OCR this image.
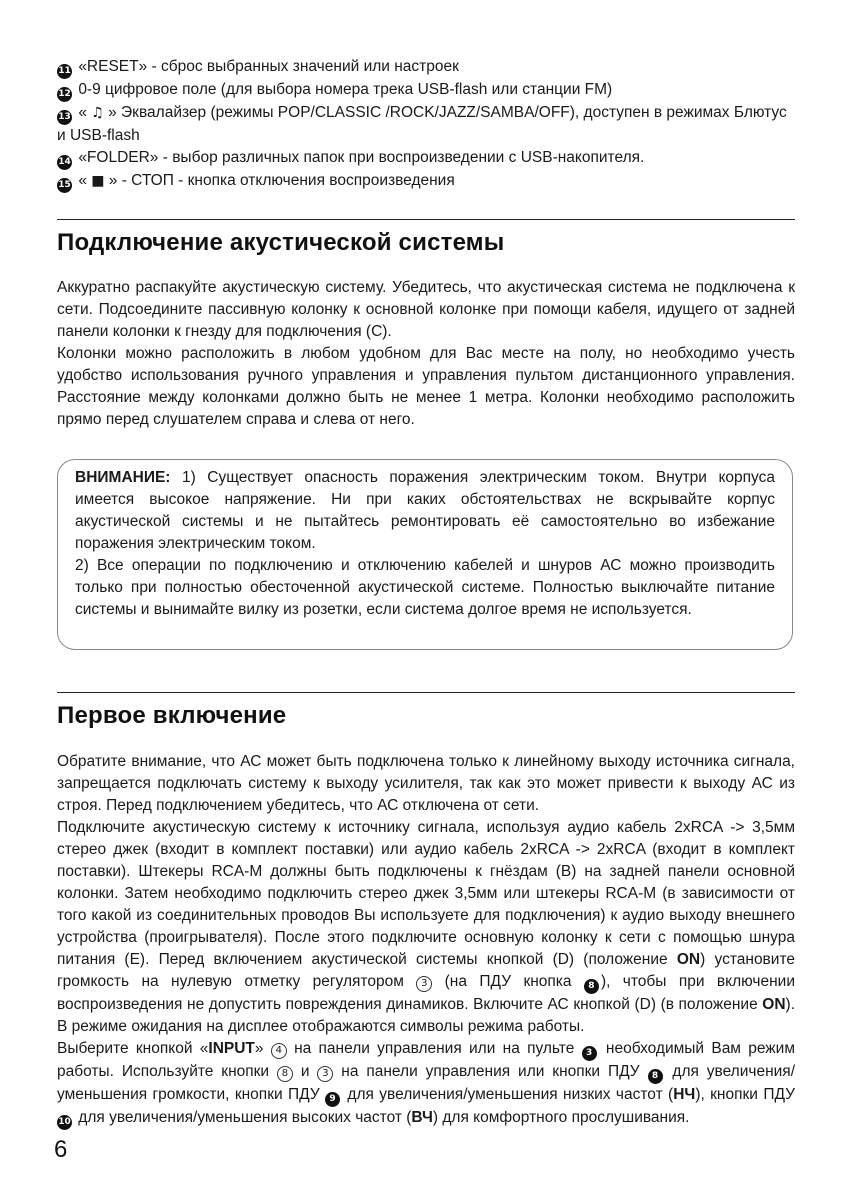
11 «RESET» - сброс выбранных значений или настроек
12 0-9 цифровое поле (для выбора номера трека USB-flash или станции FM)
13 « ♫ » Эквалайзер (режимы POP/CLASSIC /ROCK/JAZZ/SAMBA/OFF), доступен в режимах Блютус и USB-flash
14 «FOLDER» - выбор различных папок при воспроизведении с USB-накопителя.
15 « ■ » - СТОП - кнопка отключения воспроизведения
Подключение акустической системы

Аккуратно распакуйте акустическую систему. Убедитесь, что акустическая система не подключена к сети. Подсоедините пассивную колонку к основной колонке при помощи кабеля, идущего от задней панели колонки к гнезду для подключения (С).

Колонки можно расположить в любом удобном для Вас месте на полу, но необходимо учесть удобство использования ручного управления и управления пультом дистанционного управления. Расстояние между колонками должно быть не менее 1 метра. Колонки необходимо расположить прямо перед слушателем справа и слева от него.

ВНИМАНИЕ: 1) Существует опасность поражения электрическим током. Внутри корпуса имеется высокое напряжение. Ни при каких обстоятельствах не вскрывайте корпус акустической системы и не пытайтесь ремонтировать её самостоятельно во избежание поражения электрическим током.

2) Все операции по подключению и отключению кабелей и шнуров АС можно производить только при полностью обесточенной акустической системе. Полностью выключайте питание системы и вынимайте вилку из розетки, если система долгое время не используется.

Первое включение

Обратите внимание, что АС может быть подключена только к линейному выходу источника сигнала, запрещается подключать систему к выходу усилителя, так как это может привести к выходу АС из строя. Перед подключением убедитесь, что АС отключена от сети.

Подключите акустическую систему к источнику сигнала, используя аудио кабель 2хRCA -> 3,5мм стерео джек (входит в комплект поставки) или аудио кабель 2хRCA -> 2хRCA (входит в комплект поставки). Штекеры RCA-M должны быть подключены к гнёздам (В) на задней панели основной колонки. Затем необходимо подключить стерео джек 3,5мм или штекеры RCA-M (в зависимости от того какой из соединительных проводов Вы используете для подключения) к аудио выходу внешнего устройства (проигрывателя). После этого подключите основную колонку к сети с помощью шнура питания (E). Перед включением акустической системы кнопкой (D) (положение ON) установите громкость на нулевую отметку регулятором 3 (на ПДУ кнопка 8 ), чтобы при включении воспроизведения не допустить повреждения динамиков. Включите АС кнопкой (D) (в положение ON). В режиме ожидания на дисплее отображаются символы режима работы.

Выберите кнопкой «INPUT» 4 на панели управления или на пульте 3 необходимый Вам режим работы. Используйте кнопки 8 и 3 на панели управления или кнопки ПДУ 8 для увеличения/уменьшения громкости, кнопки ПДУ 9 для увеличения/уменьшения низких частот (НЧ), кнопки ПДУ 10 для увеличения/уменьшения высоких частот (ВЧ) для комфортного прослушивания.

6
